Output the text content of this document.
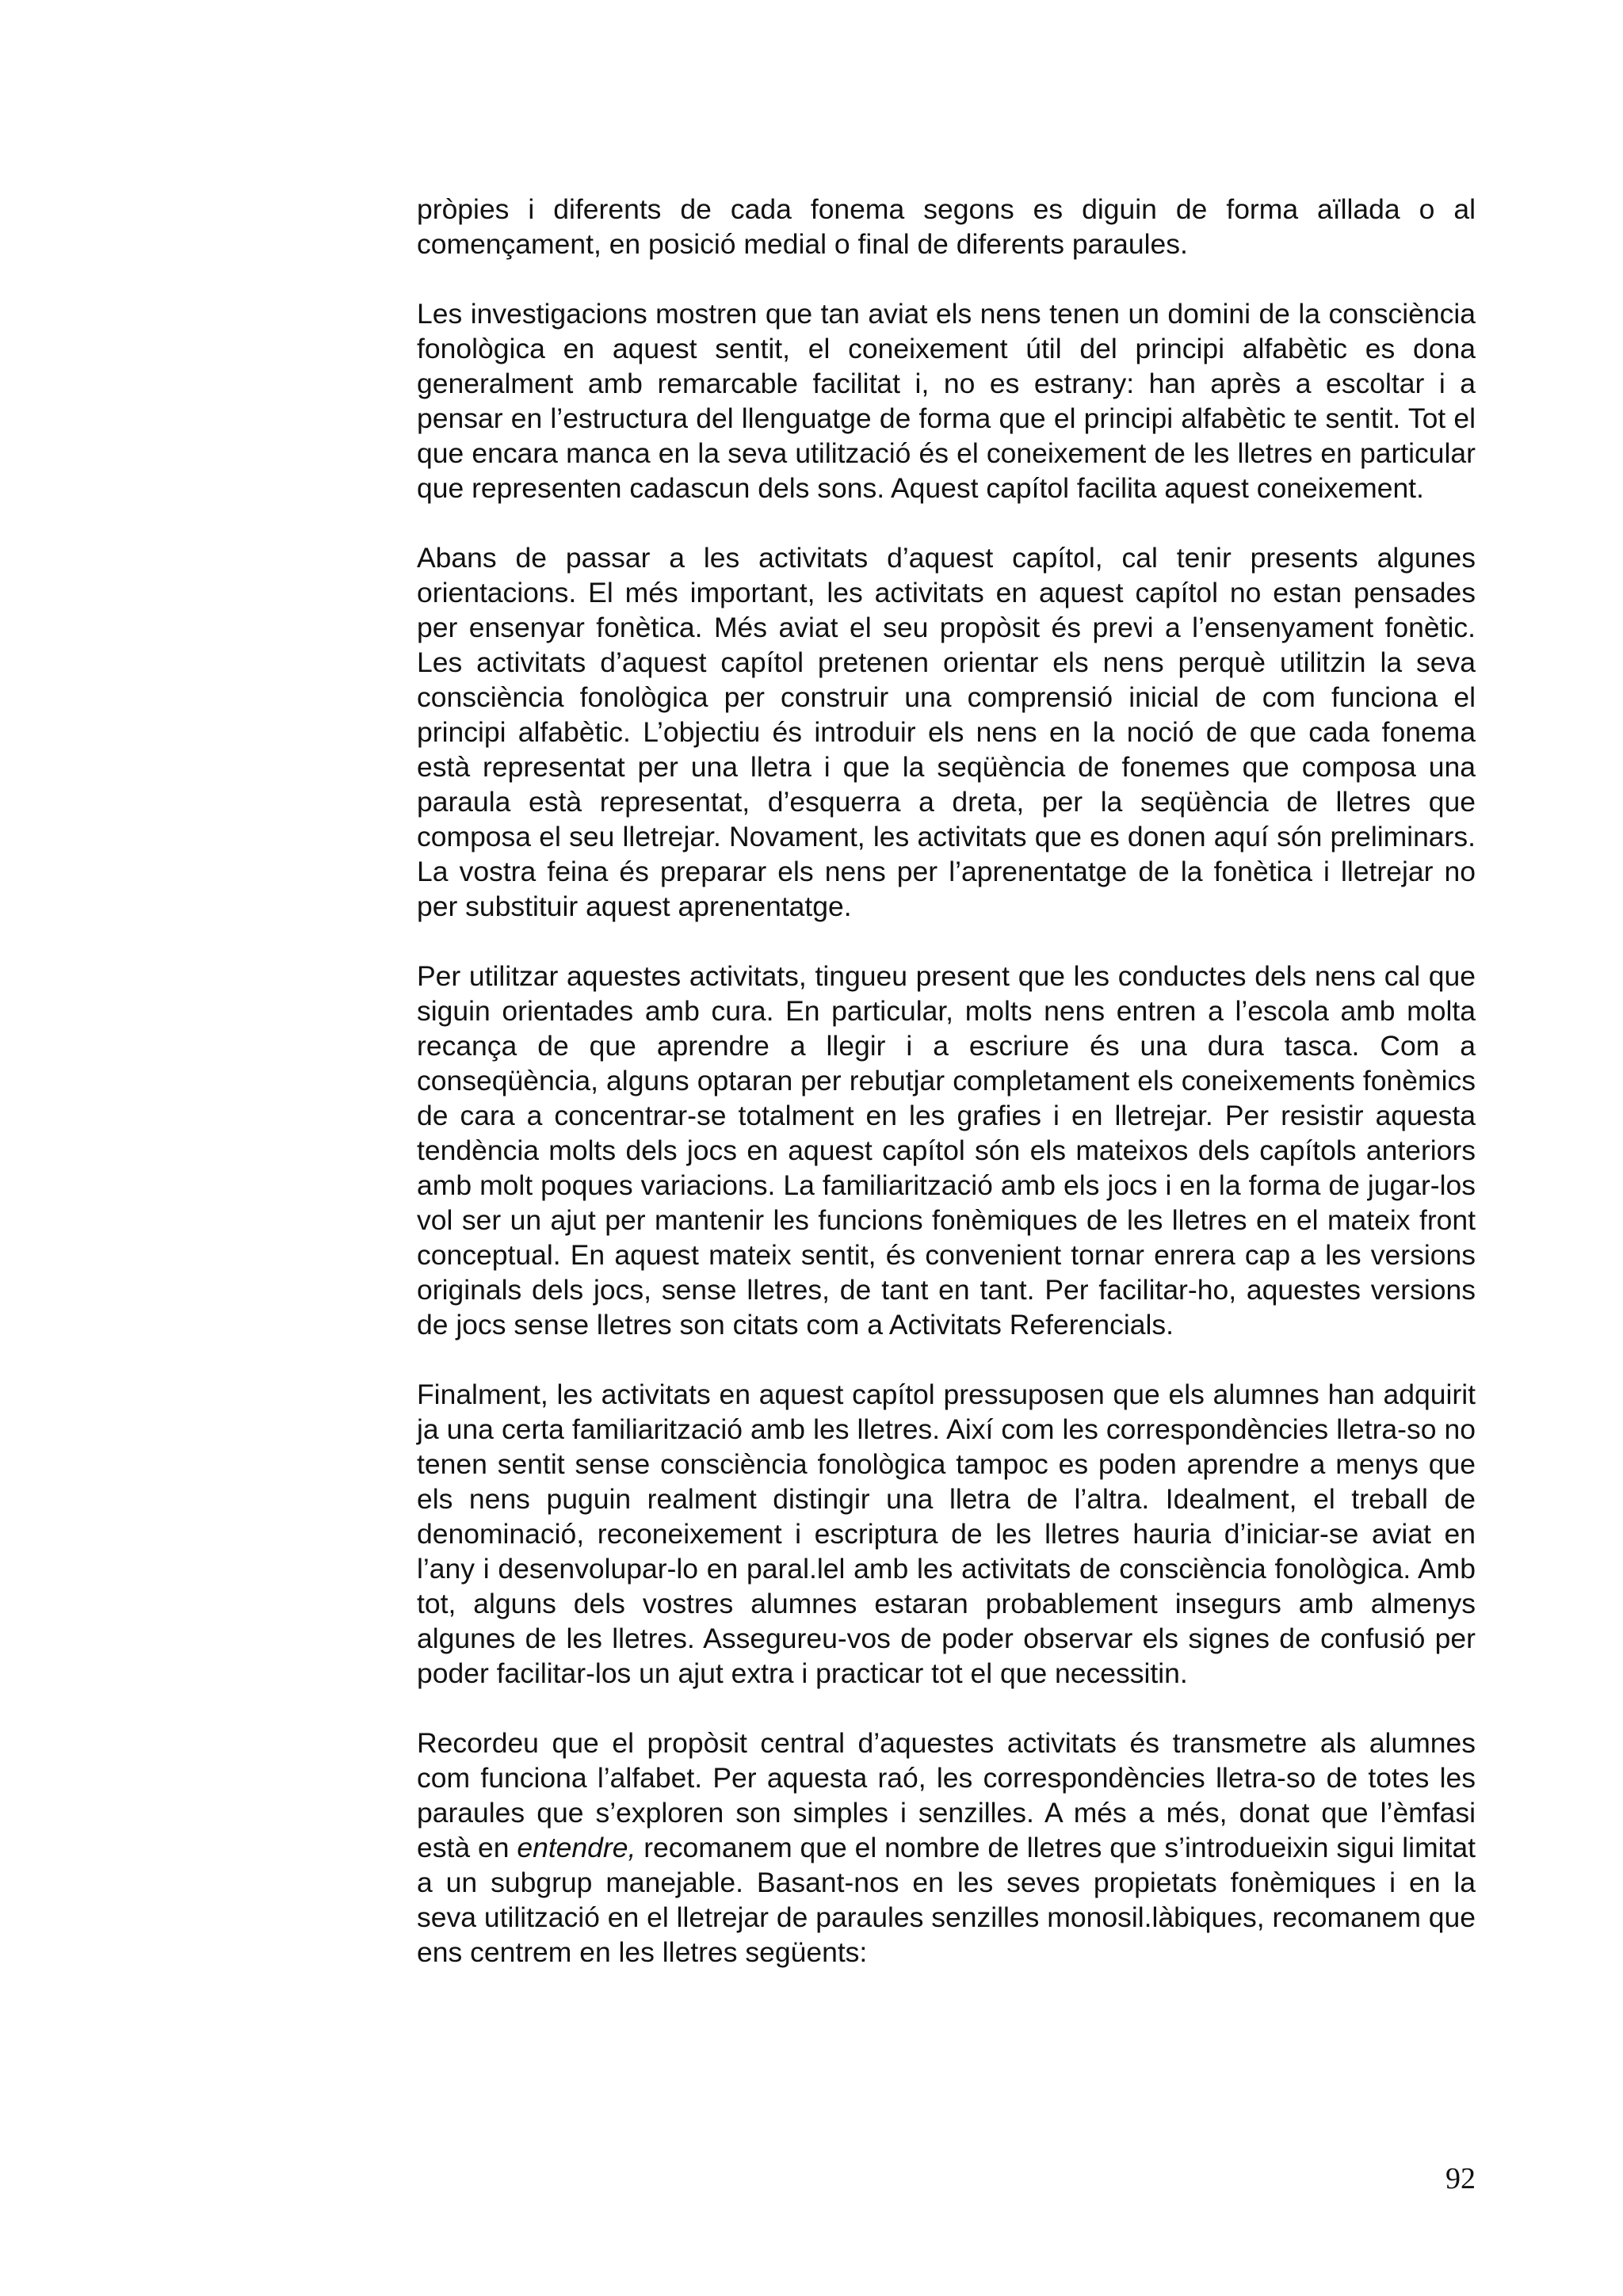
pròpies i diferents de cada fonema segons es diguin de forma aïllada o al començament, en posició medial o final de diferents paraules.

Les investigacions mostren que tan aviat els nens tenen un domini de la consciència fonològica en aquest sentit, el coneixement útil del principi alfabètic es dona generalment amb remarcable facilitat i, no es estrany: han après a escoltar i a pensar en l’estructura del llenguatge de forma que el principi alfabètic te sentit. Tot el que encara manca en la seva utilització és el coneixement de les lletres en particular que representen cadascun dels sons. Aquest capítol facilita aquest coneixement.

Abans de passar a les activitats d’aquest capítol, cal tenir presents algunes orientacions. El més important, les activitats en aquest capítol no estan pensades per ensenyar fonètica. Més aviat el seu propòsit és previ a l’ensenyament fonètic. Les activitats d’aquest capítol pretenen orientar els nens perquè utilitzin la seva consciència fonològica per construir una comprensió inicial de com funciona el principi alfabètic. L’objectiu és introduir els nens en la noció de que cada fonema està representat per una lletra i que la seqüència de fonemes que composa una paraula està representat, d’esquerra a dreta, per la seqüència de lletres que composa el seu lletrejar. Novament, les activitats que es donen aquí són preliminars. La vostra feina és preparar els nens per l’aprenentatge de la fonètica i lletrejar no per substituir aquest aprenentatge.

Per utilitzar aquestes activitats, tingueu present que les conductes dels nens cal que siguin orientades amb cura. En particular, molts nens entren a l’escola amb molta recança de que aprendre a llegir i a escriure és una dura tasca. Com a conseqüència, alguns optaran per rebutjar completament els coneixements fonèmics de cara a concentrar-se totalment en les grafies i en lletrejar. Per resistir aquesta tendència molts dels jocs en aquest capítol són els mateixos dels capítols anteriors amb molt poques variacions. La familiarització amb els jocs i en la forma de jugar-los vol ser un ajut per mantenir les funcions fonèmiques de les lletres en el mateix front conceptual. En aquest mateix sentit, és convenient tornar enrera cap a les versions originals dels jocs, sense lletres, de tant en tant. Per facilitar-ho, aquestes versions de jocs sense lletres son citats com a Activitats Referencials.

Finalment, les activitats en aquest capítol pressuposen que els alumnes han adquirit ja una certa familiarització amb les lletres. Així com les correspondències lletra-so no tenen sentit sense consciència fonològica tampoc es poden aprendre a menys que els nens puguin realment distingir una lletra de l’altra. Idealment, el treball de denominació, reconeixement i escriptura de les lletres hauria d’iniciar-se aviat en l’any i desenvolupar-lo en paral.lel amb les activitats de consciència fonològica. Amb tot, alguns dels vostres alumnes estaran probablement insegurs amb almenys algunes de les lletres. Assegureu-vos de poder observar els signes de confusió per poder facilitar-los un ajut extra i practicar tot el que necessitin.

Recordeu que el propòsit central d’aquestes activitats és transmetre als alumnes com funciona l’alfabet. Per aquesta raó, les correspondències lletra-so de totes les paraules que s’exploren son simples i senzilles. A més a més, donat que l’èmfasi està en entendre, recomanem que el nombre de lletres que s’introdueixin sigui limitat a un subgrup manejable. Basant-nos en les seves propietats fonèmiques i en la seva utilització en el lletrejar de paraules senzilles monosil.làbiques, recomanem que ens centrem en les lletres següents:

92
